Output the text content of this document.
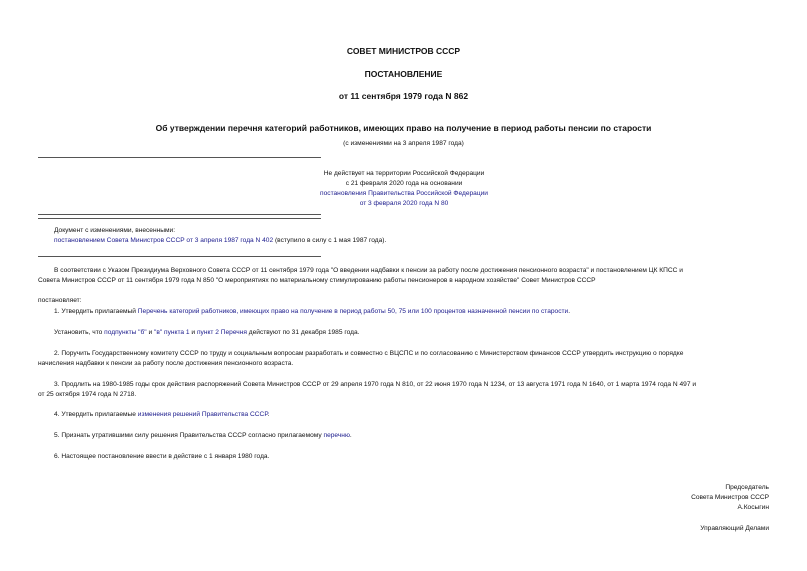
СОВЕТ МИНИСТРОВ СССР
ПОСТАНОВЛЕНИЕ
от 11 сентября 1979 года N 862
Об утверждении перечня категорий работников, имеющих право на получение в период работы пенсии по старости
(с изменениями на 3 апреля 1987 года)
Не действует на территории Российской Федерации
с 21 февраля 2020 года на основании
постановления Правительства Российской Федерации
от 3 февраля 2020 года N 80
Документ с изменениями, внесенными:
постановлением Совета Министров СССР от 3 апреля 1987 года N 402 (вступило в силу с 1 мая 1987 года).
В соответствии с Указом Президиума Верховного Совета СССР от 11 сентября 1979 года "О введении надбавки к пенсии за работу после достижения пенсионного возраста" и постановлением ЦК КПСС и
Совета Министров СССР от 11 сентября 1979 года N 850 "О мероприятиях по материальному стимулированию работы пенсионеров в народном хозяйстве" Совет Министров СССР
постановляет:
1. Утвердить прилагаемый Перечень категорий работников, имеющих право на получение в период работы 50, 75 или 100 процентов назначенной пенсии по старости.
Установить, что подпункты "б" и "в" пункта 1 и пункт 2 Перечня действуют по 31 декабря 1985 года.
2. Поручить Государственному комитету СССР по труду и социальным вопросам разработать и совместно с ВЦСПС и по согласованию с Министерством финансов СССР утвердить инструкцию о порядке
начисления надбавки к пенсии за работу после достижения пенсионного возраста.
3. Продлить на 1980-1985 годы срок действия распоряжений Совета Министров СССР от 29 апреля 1970 года N 810, от 22 июня 1970 года N 1234, от 13 августа 1971 года N 1640, от 1 марта 1974 года N 497 и
от 25 октября 1974 года N 2718.
4. Утвердить прилагаемые изменения решений Правительства СССР.
5. Признать утратившими силу решения Правительства СССР согласно прилагаемому перечню.
6. Настоящее постановление ввести в действие с 1 января 1980 года.
Председатель
Совета Министров СССР
А.Косыгин
Управляющий Делами
